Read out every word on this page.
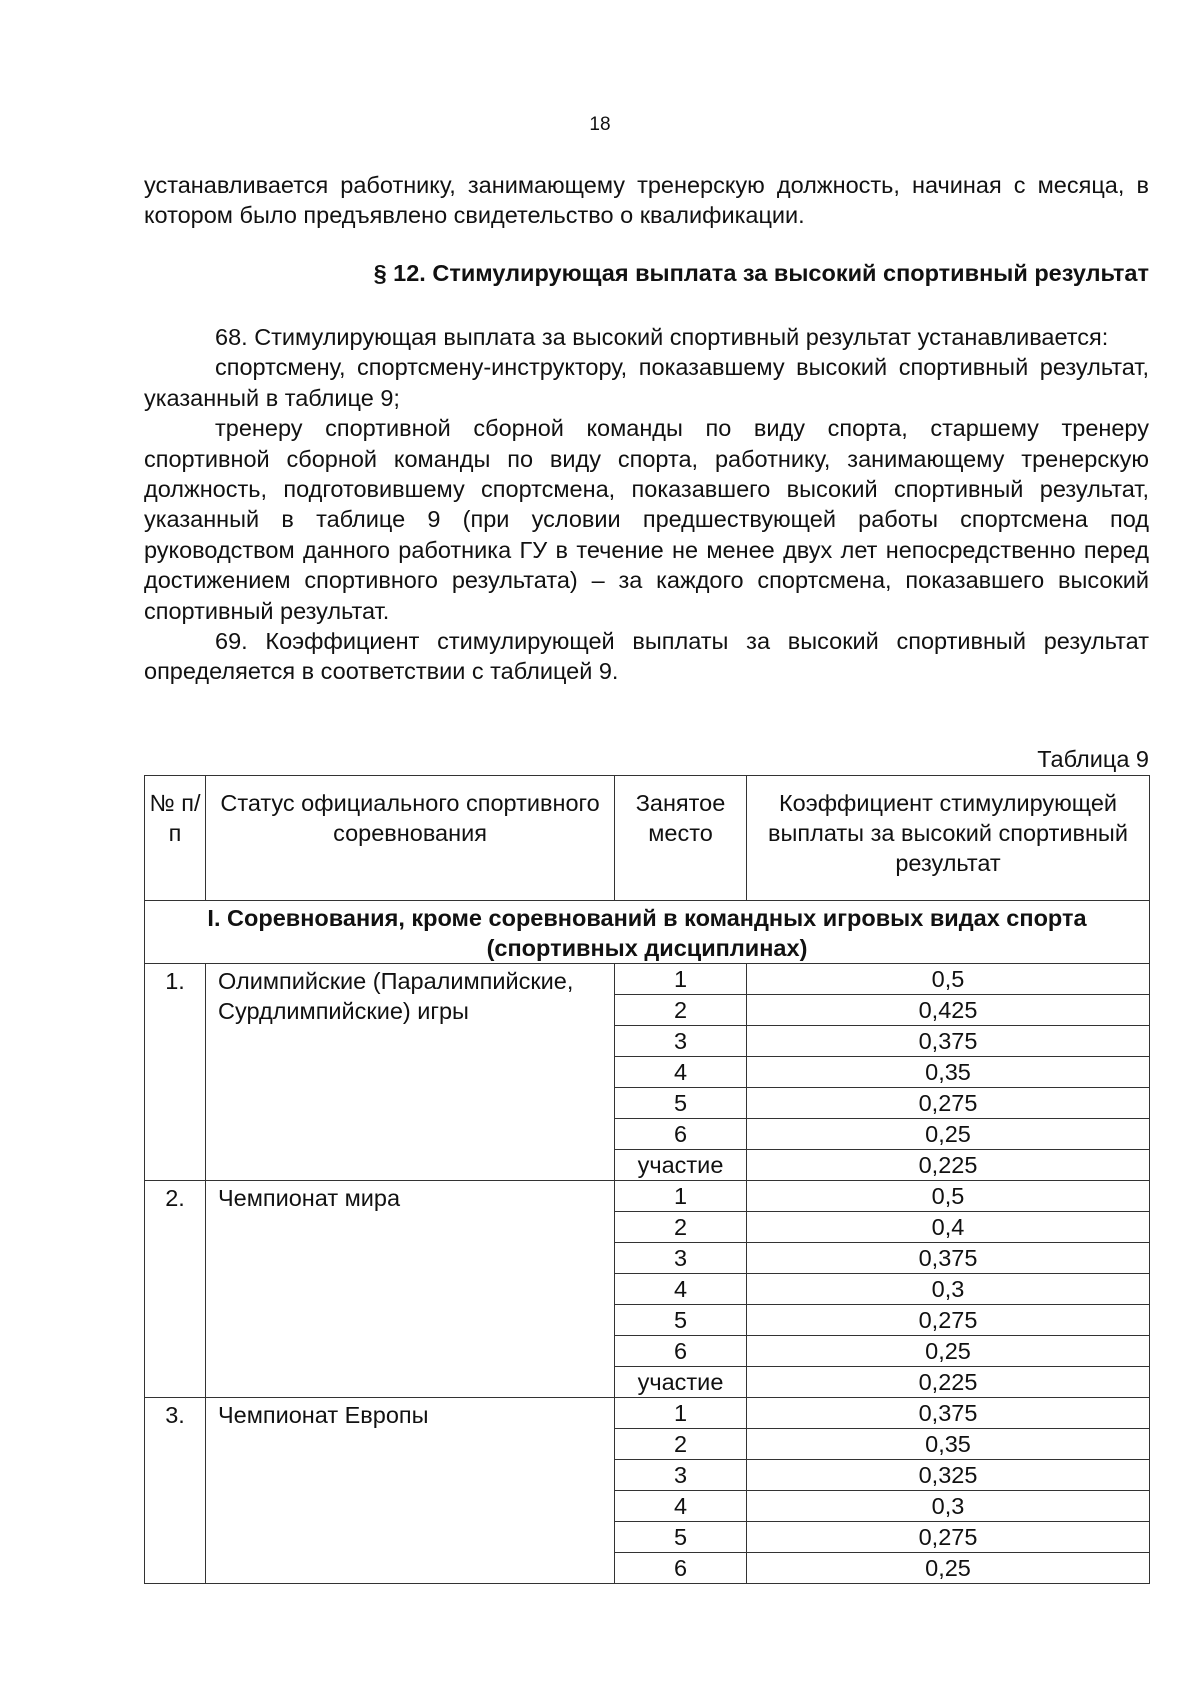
18

устанавливается работнику, занимающему тренерскую должность, начиная с месяца, в котором было предъявлено свидетельство о квалификации.

§ 12. Стимулирующая выплата за высокий спортивный результат

68. Стимулирующая выплата за высокий спортивный результат устанавливается:

спортсмену, спортсмену-инструктору, показавшему высокий спортивный результат, указанный в таблице 9;

тренеру спортивной сборной команды по виду спорта, старшему тренеру спортивной сборной команды по виду спорта, работнику, занимающему тренерскую должность, подготовившему спортсмена, показавшего высокий спортивный результат, указанный в таблице 9 (при условии предшествующей работы спортсмена под руководством данного работника ГУ в течение не менее двух лет непосредственно перед достижением спортивного результата) – за каждого спортсмена, показавшего высокий спортивный результат.

69. Коэффициент стимулирующей выплаты за высокий спортивный результат определяется в соответствии с таблицей 9.

Таблица 9
№ п/п	Статус официального спортивного соревнования	Занятое место	Коэффициент стимулирующей выплаты за высокий спортивный результат
I. Соревнования, кроме соревнований в командных игровых видах спорта (спортивных дисциплинах)			
1.	Олимпийские (Паралимпийские, Сурдлимпийские) игры	1	0,5
		2	0,425
		3	0,375
		4	0,35
		5	0,275
		6	0,25
		участие	0,225
2.	Чемпионат мира	1	0,5
		2	0,4
		3	0,375
		4	0,3
		5	0,275
		6	0,25
		участие	0,225
3.	Чемпионат Европы	1	0,375
		2	0,35
		3	0,325
		4	0,3
		5	0,275
		6	0,25
